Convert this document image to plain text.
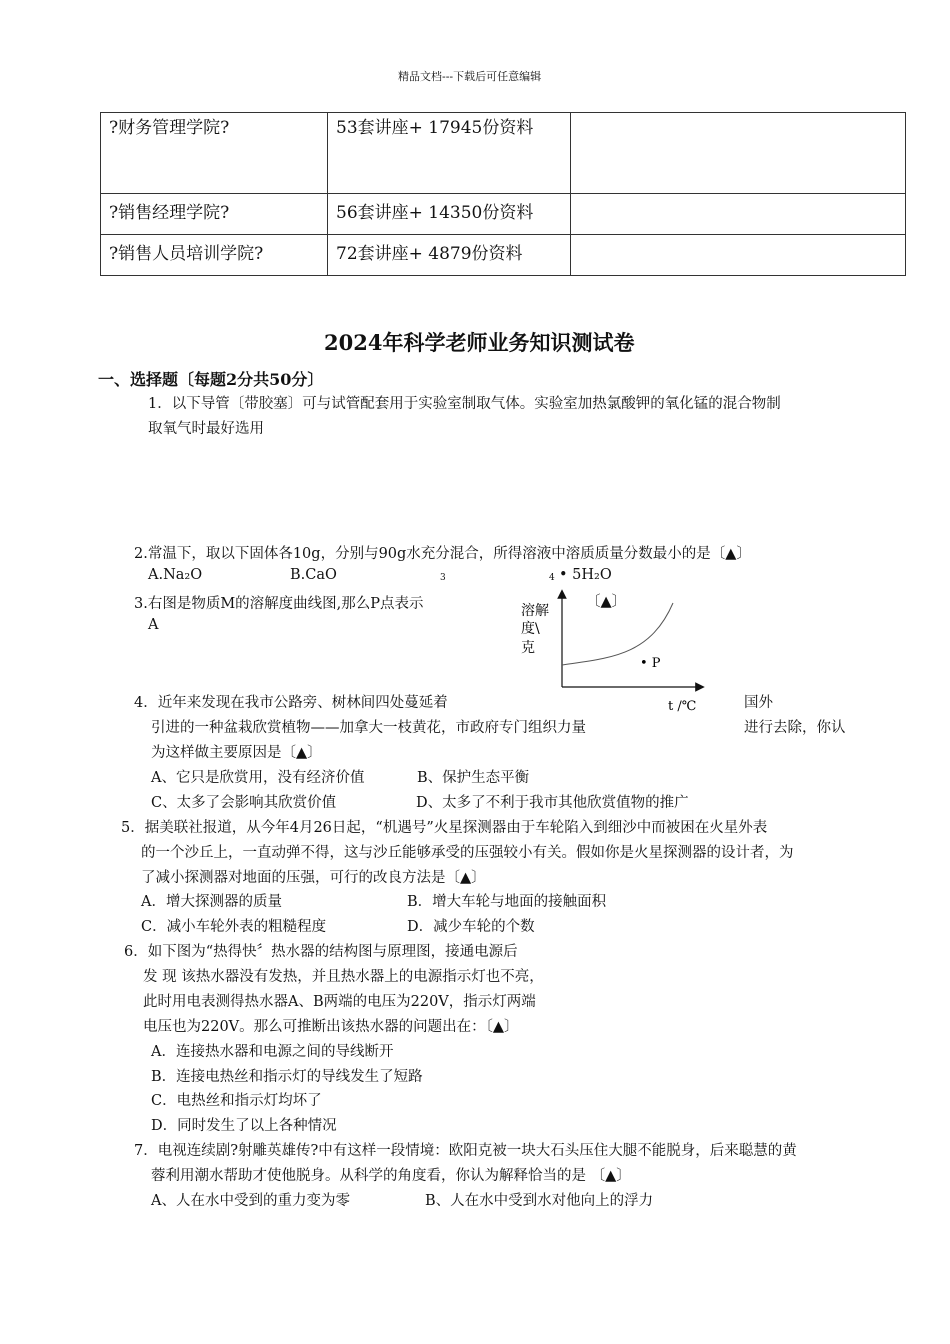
精品文档---下载后可任意编辑
?财务管理学院?	53套讲座+ 17945份资料	

?销售经理学院?	56套讲座+ 14350份资料	
?销售人员培训学院?	72套讲座+ 4879份资料	
2024年科学老师业务知识测试卷
一、选择题〔每题2分共50分〕
1．以下导管〔带胶塞〕可与试管配套用于实验室制取气体。实验室加热氯酸钾的氧化锰的混合物制
取氧气时最好选用
2.常温下，取以下固体各10g，分别与90g水充分混合，所得溶液中溶质质量分数最小的是〔▲〕
A.Na₂O	B.CaO	3	4 • 5H₂O
3.右图是物质M的溶解度曲线图,那么P点表示
A
〔▲〕
溶解
度\
克
• P
t /℃
4．近年来发现在我市公路旁、树林间四处蔓延着	国外
引进的一种盆栽欣赏植物——加拿大一枝黄花，市政府专门组织力量	进行去除，你认
为这样做主要原因是〔▲〕
A、它只是欣赏用，没有经济价值	B、保护生态平衡
C、太多了会影响其欣赏价值	D、太多了不利于我市其他欣赏值物的推广
5．据美联社报道，从今年4月26日起，“机遇号”火星探测器由于车轮陷入到细沙中而被困在火星外表
的一个沙丘上，一直动弹不得，这与沙丘能够承受的压强较小有关。假如你是火星探测器的设计者，为
了减小探测器对地面的压强，可行的改良方法是〔▲〕
A．增大探测器的质量	B．增大车轮与地面的接触面积
C．减小车轮外表的粗糙程度	D．减少车轮的个数
6．如下图为“热得快〞热水器的结构图与原理图，接通电源后
发 现 该热水器没有发热，并且热水器上的电源指示灯也不亮，
此时用电表测得热水器A、B两端的电压为220V，指示灯两端
电压也为220V。那么可推断出该热水器的问题出在：〔▲〕
A．连接热水器和电源之间的导线断开
B．连接电热丝和指示灯的导线发生了短路
C．电热丝和指示灯均坏了
D．同时发生了以上各种情况
7．电视连续剧?射雕英雄传?中有这样一段情境：欧阳克被一块大石头压住大腿不能脱身，后来聪慧的黄
蓉利用潮水帮助才使他脱身。从科学的角度看，你认为解释恰当的是 〔▲〕
A、人在水中受到的重力变为零	B、人在水中受到水对他向上的浮力
